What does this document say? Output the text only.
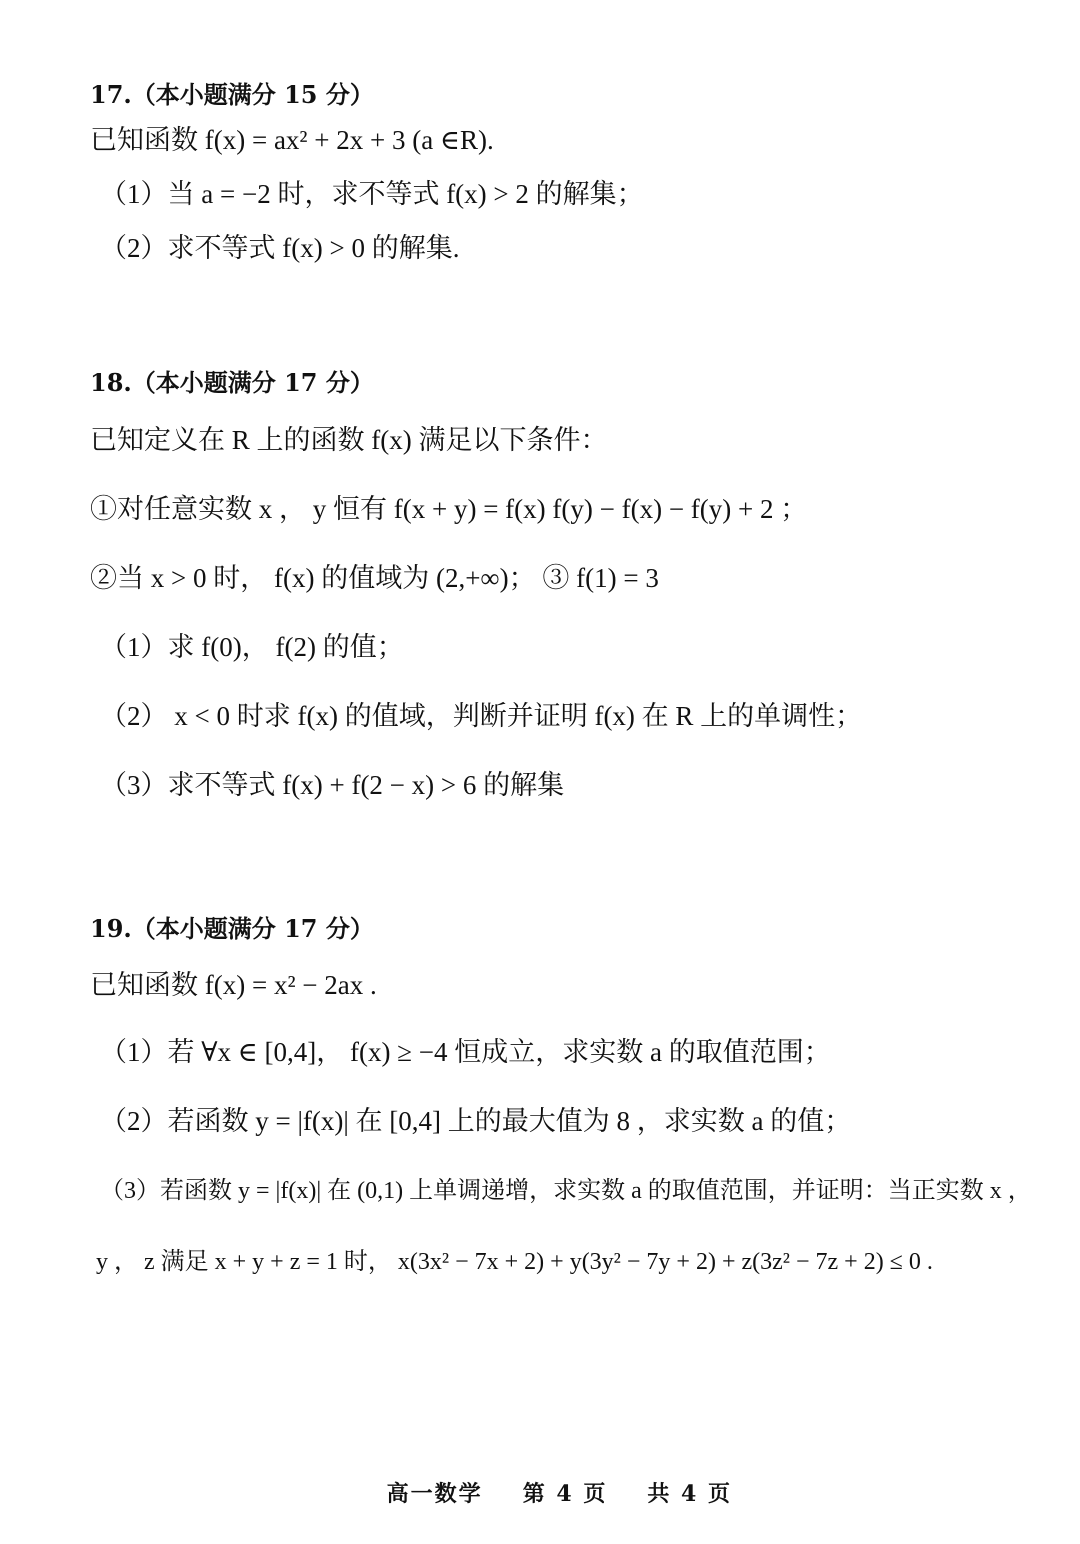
17.（本小题满分 15 分）
已知函数 f(x) = ax² + 2x + 3 (a ∈R).
（1）当 a = −2 时，求不等式 f(x) > 2 的解集；
（2）求不等式 f(x) > 0 的解集.
18.（本小题满分 17 分）
已知定义在 R 上的函数 f(x) 满足以下条件：
①对任意实数 x ， y 恒有 f(x + y) = f(x) f(y) − f(x) − f(y) + 2 ；
②当 x > 0 时， f(x) 的值域为 (2,+∞)； ③ f(1) = 3
（1）求 f(0)， f(2) 的值；
（2） x < 0 时求 f(x) 的值域，判断并证明 f(x) 在 R 上的单调性；
（3）求不等式 f(x) + f(2 − x) > 6 的解集
19.（本小题满分 17 分）
已知函数 f(x) = x² − 2ax .
（1）若 ∀x ∈ [0,4]， f(x) ≥ −4 恒成立，求实数 a 的取值范围；
（2）若函数 y = |f(x)| 在 [0,4] 上的最大值为 8 ，求实数 a 的值；
（3）若函数 y = |f(x)| 在 (0,1) 上单调递增，求实数 a 的取值范围，并证明：当正实数 x ，
y ， z 满足 x + y + z = 1 时， x(3x² − 7x + 2) + y(3y² − 7y + 2) + z(3z² − 7z + 2) ≤ 0 .

高一数学 第 4 页 共 4 页
